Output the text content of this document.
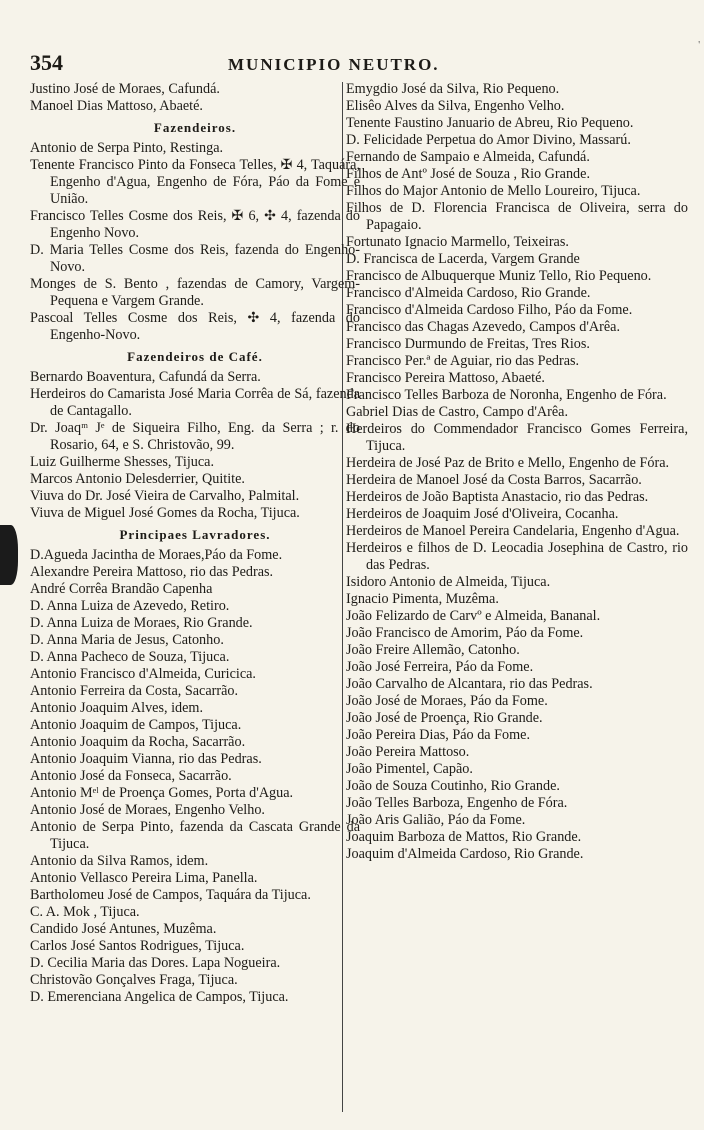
354	MUNICIPIO NEUTRO.
'
Justino José de Moraes, Cafundá.
Manoel Dias Mattoso, Abaeté.
Fazendeiros.
Antonio de Serpa Pinto, Restinga.
Tenente Francisco Pinto da Fonseca Telles, ✠ 4, Taquára, Engenho d'Agua, Engenho de Fóra, Páo da Fome e União.
Francisco Telles Cosme dos Reis, ✠ 6, ✣ 4, fazenda do Engenho Novo.
D. Maria Telles Cosme dos Reis, fazenda do Engenho-Novo.
Monges de S. Bento , fazendas de Camory, Vargem-Pequena e Vargem Grande.
Pascoal Telles Cosme dos Reis, ✣ 4, fazenda do Engenho-Novo.
Fazendeiros de Café.
Bernardo Boaventura, Cafundá da Serra.
Herdeiros do Camarista José Maria Corrêa de Sá, fazenda de Cantagallo.
Dr. Joaqᵐ Jᵉ de Siqueira Filho, Eng. da Serra ; r. do Rosario, 64, e S. Christovão, 99.
Luiz Guilherme Shesses, Tijuca.
Marcos Antonio Delesderrier, Quitite.
Viuva do Dr. José Vieira de Carvalho, Palmital.
Viuva de Miguel José Gomes da Rocha, Tijuca.
Principaes Lavradores.
D.Agueda Jacintha de Moraes,Páo da Fome.
Alexandre Pereira Mattoso, rio das Pedras.
André Corrêa Brandão Capenha
D. Anna Luiza de Azevedo, Retiro.
D. Anna Luiza de Moraes, Rio Grande.
D. Anna Maria de Jesus, Catonho.
D. Anna Pacheco de Souza, Tijuca.
Antonio Francisco d'Almeida, Curicica.
Antonio Ferreira da Costa, Sacarrão.
Antonio Joaquim Alves, idem.
Antonio Joaquim de Campos, Tijuca.
Antonio Joaquim da Rocha, Sacarrão.
Antonio Joaquim Vianna, rio das Pedras.
Antonio José da Fonseca, Sacarrão.
Antonio Mᵉˡ de Proença Gomes, Porta d'Agua.
Antonio José de Moraes, Engenho Velho.
Antonio de Serpa Pinto, fazenda da Cascata Grande da Tijuca.
Antonio da Silva Ramos, idem.
Antonio Vellasco Pereira Lima, Panella.
Bartholomeu José de Campos, Taquára da Tijuca.
C. A. Mok , Tijuca.
Candido José Antunes, Muzêma.
Carlos José Santos Rodrigues, Tijuca.
D. Cecilia Maria das Dores. Lapa Nogueira.
Christovão Gonçalves Fraga, Tijuca.
D. Emerenciana Angelica de Campos, Tijuca.
Emygdio José da Silva, Rio Pequeno.
Elisêo Alves da Silva, Engenho Velho.
Tenente Faustino Januario de Abreu, Rio Pequeno.
D. Felicidade Perpetua do Amor Divino, Massarú.
Fernando de Sampaio e Almeida, Cafundá.
Filhos de Antº José de Souza , Rio Grande.
Filhos do Major Antonio de Mello Loureiro, Tijuca.
Filhos de D. Florencia Francisca de Oliveira, serra do Papagaio.
Fortunato Ignacio Marmello, Teixeiras.
D. Francisca de Lacerda, Vargem Grande
Francisco de Albuquerque Muniz Tello, Rio Pequeno.
Francisco d'Almeida Cardoso, Rio Grande.
Francisco d'Almeida Cardoso Filho, Páo da Fome.
Francisco das Chagas Azevedo, Campos d'Arêa.
Francisco Durmundo de Freitas, Tres Rios.
Francisco Per.ª de Aguiar, rio das Pedras.
Francisco Pereira Mattoso, Abaeté.
Francisco Telles Barboza de Noronha, Engenho de Fóra.
Gabriel Dias de Castro, Campo d'Arêa.
Herdeiros do Commendador Francisco Gomes Ferreira, Tijuca.
Herdeira de José Paz de Brito e Mello, Engenho de Fóra.
Herdeira de Manoel José da Costa Barros, Sacarrão.
Herdeiros de João Baptista Anastacio, rio das Pedras.
Herdeiros de Joaquim José d'Oliveira, Cocanha.
Herdeiros de Manoel Pereira Candelaria, Engenho d'Agua.
Herdeiros e filhos de D. Leocadia Josephina de Castro, rio das Pedras.
Isidoro Antonio de Almeida, Tijuca.
Ignacio Pimenta, Muzêma.
João Felizardo de Carvº e Almeida, Bananal.
João Francisco de Amorim, Páo da Fome.
João Freire Allemão, Catonho.
João José Ferreira, Páo da Fome.
João Carvalho de Alcantara, rio das Pedras.
João José de Moraes, Páo da Fome.
João José de Proença, Rio Grande.
João Pereira Dias, Páo da Fome.
João Pereira Mattoso.
João Pimentel, Capão.
João de Souza Coutinho, Rio Grande.
João Telles Barboza, Engenho de Fóra.
João Aris Galião, Páo da Fome.
Joaquim Barboza de Mattos, Rio Grande.
Joaquim d'Almeida Cardoso, Rio Grande.
